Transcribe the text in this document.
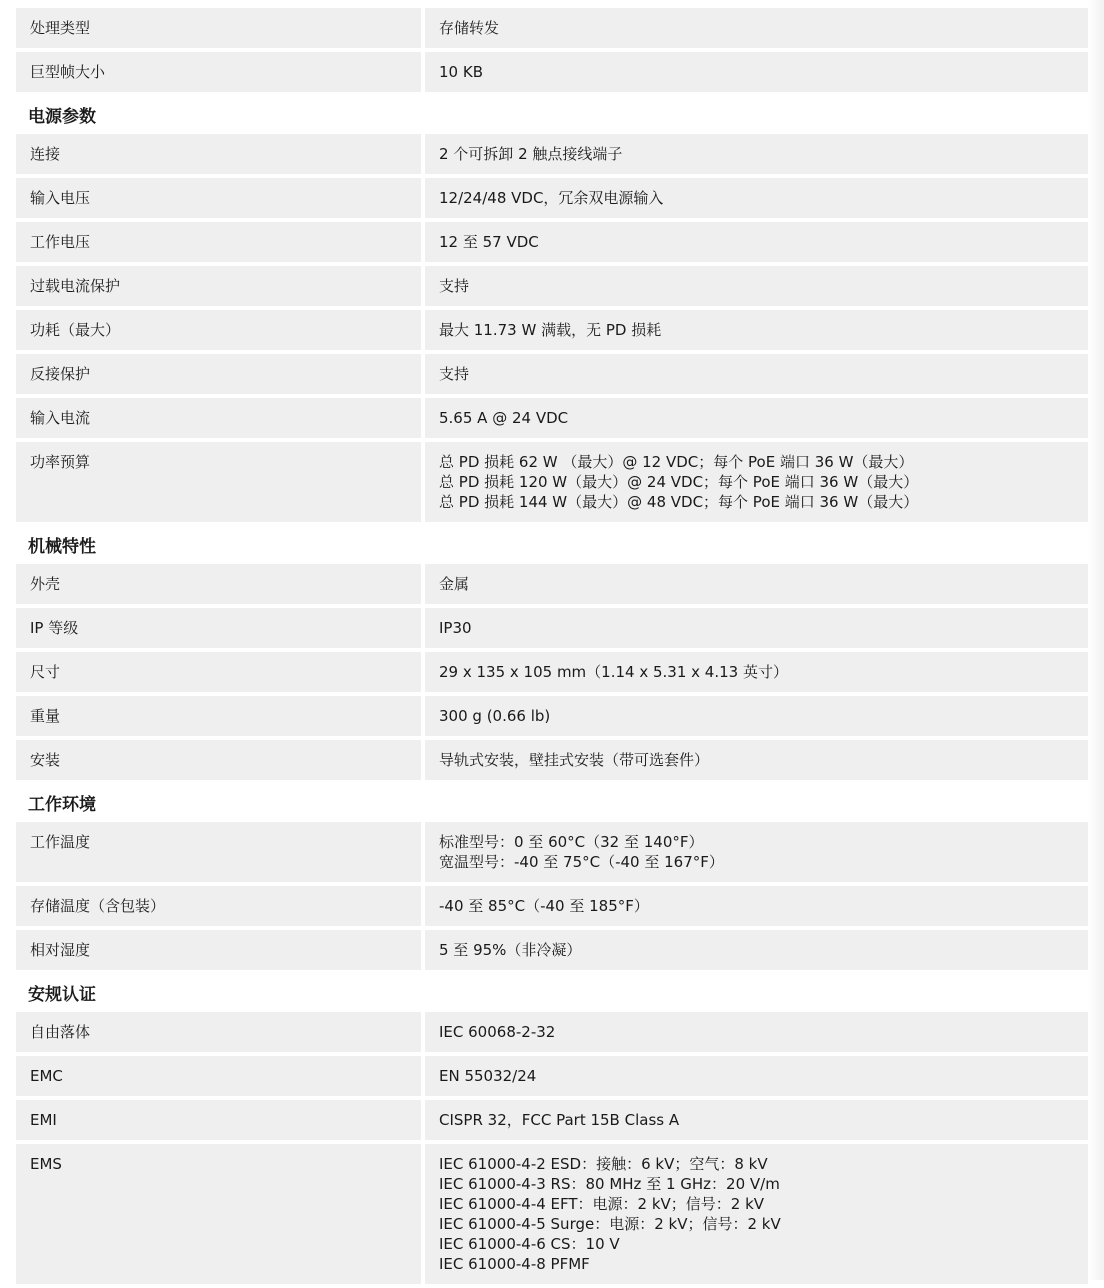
处理类型	存储转发
巨型帧大小	10 KB
电源参数
连接	2 个可拆卸 2 触点接线端子
输入电压	12/24/48 VDC，冗余双电源输入
工作电压	12 至 57 VDC
过载电流保护	支持
功耗（最大）	最大 11.73 W 满载，无 PD 损耗
反接保护	支持
输入电流	5.65 A @ 24 VDC
功率预算	总 PD 损耗 62 W （最大）@ 12 VDC；每个 PoE 端口 36 W（最大）
总 PD 损耗 120 W（最大）@ 24 VDC；每个 PoE 端口 36 W（最大）
总 PD 损耗 144 W（最大）@ 48 VDC；每个 PoE 端口 36 W（最大）
机械特性
外壳	金属
IP 等级	IP30
尺寸	29 x 135 x 105 mm（1.14 x 5.31 x 4.13 英寸）
重量	300 g (0.66 lb)
安装	导轨式安装，壁挂式安装（带可选套件）
工作环境
工作温度	标准型号：0 至 60°C（32 至 140°F）
宽温型号：-40 至 75°C（-40 至 167°F）
存储温度（含包装）	-40 至 85°C（-40 至 185°F）
相对湿度	5 至 95%（非冷凝）
安规认证
自由落体	IEC 60068-2-32
EMC	EN 55032/24
EMI	CISPR 32，FCC Part 15B Class A
EMS	IEC 61000-4-2 ESD：接触：6 kV；空气：8 kV
IEC 61000-4-3 RS：80 MHz 至 1 GHz：20 V/m
IEC 61000-4-4 EFT：电源：2 kV；信号：2 kV
IEC 61000-4-5 Surge：电源：2 kV；信号：2 kV
IEC 61000-4-6 CS：10 V
IEC 61000-4-8 PFMF
